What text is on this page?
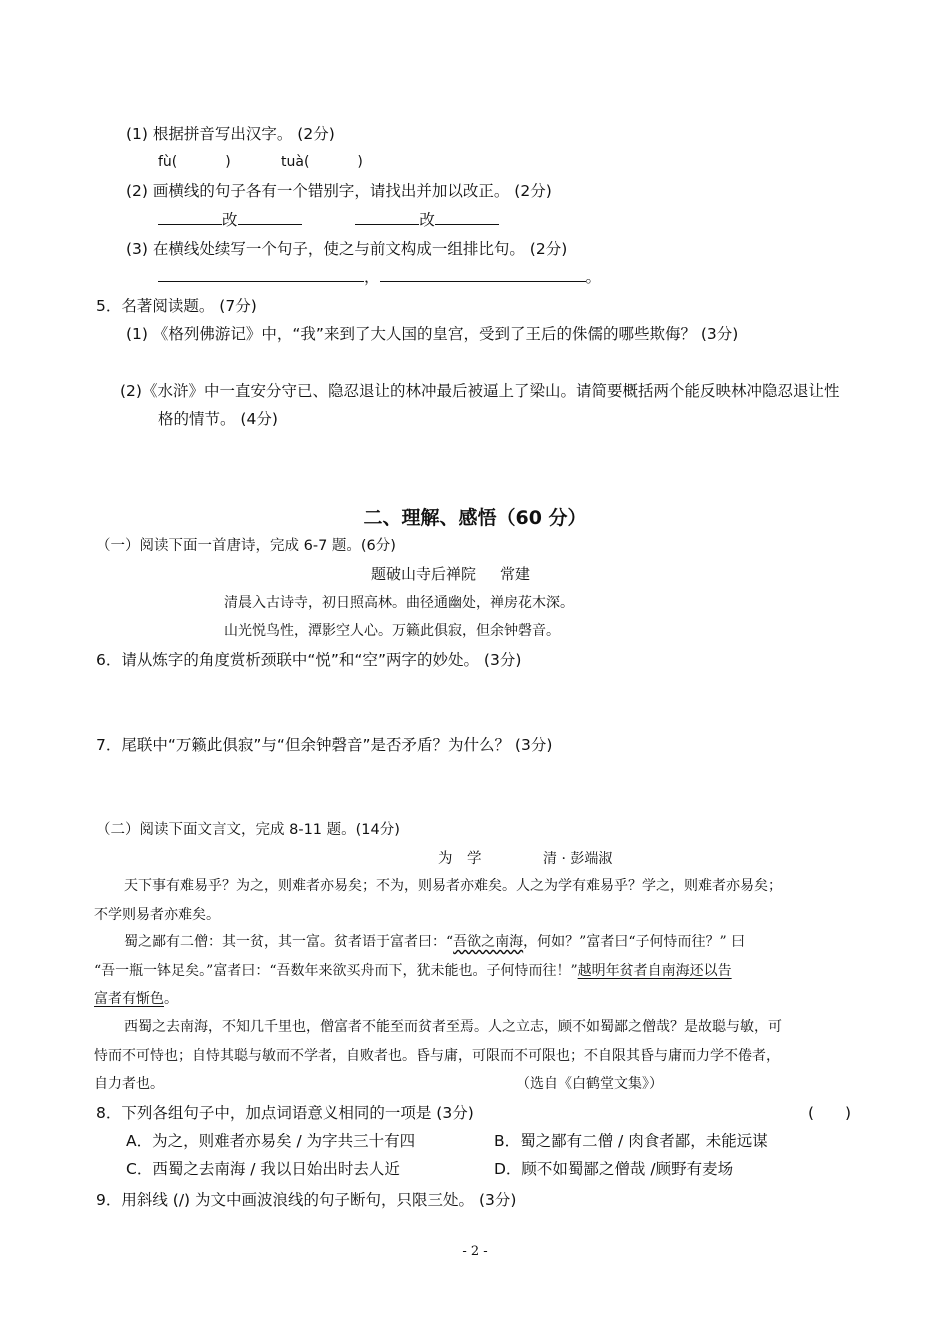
(1) 根据拼音写出汉字。 (2分)
fù(	)	tuà(	)
(2) 画横线的句子各有一个错别字，请找出并加以改正。 (2分)
改	改
(3) 在横线处续写一个句子，使之与前文构成一组排比句。 (2分)
，	。
5．名著阅读题。 (7分)
(1) 《格列佛游记》中，“我”来到了大人国的皇宫，受到了王后的侏儒的哪些欺侮？ (3分)
(2)《水浒》中一直安分守已、隐忍退让的林冲最后被逼上了梁山。请简要概括两个能反映林冲隐忍退让性
格的情节。 (4分)
二、理解、感悟（60 分）
（一）阅读下面一首唐诗，完成 6-7 题。(6分)
题破山寺后禅院 常建
清晨入古诗寺，初日照高林。曲径通幽处，禅房花木深。
山光悦鸟性，潭影空人心。万籁此俱寂，但余钟磬音。
6．请从炼字的角度赏析颈联中“悦”和“空”两字的妙处。 (3分)
7．尾联中“万籁此俱寂”与“但余钟磬音”是否矛盾？为什么？ (3分)
（二）阅读下面文言文，完成 8-11 题。(14分)
为　学	清 · 彭端淑
天下事有难易乎？为之，则难者亦易矣；不为，则易者亦难矣。人之为学有难易乎？学之，则难者亦易矣；
不学则易者亦难矣。
蜀之鄙有二僧：其一贫，其一富。贫者语于富者曰：“吾欲之南海，何如？”富者曰“子何恃而往？” 曰
“吾一瓶一钵足矣。”富者曰：“吾数年来欲买舟而下，犹未能也。子何恃而往！”越明年贫者自南海还以告
富者有惭色。
西蜀之去南海，不知几千里也，僧富者不能至而贫者至焉。人之立志，顾不如蜀鄙之僧哉？是故聪与敏，可
恃而不可恃也；自恃其聪与敏而不学者，自败者也。昏与庸，可限而不可限也；不自限其昏与庸而力学不倦者，
自力者也。	（选自《白鹤堂文集》）
8．下列各组句子中，加点词语意义相同的一项是 (3分)	(　　)
A．为之，则难者亦易矣 / 为字共三十有四	B．蜀之鄙有二僧 / 肉食者鄙，未能远谋
C．西蜀之去南海 / 我以日始出时去人近	D．顾不如蜀鄙之僧哉 /顾野有麦场
9．用斜线 (/) 为文中画波浪线的句子断句，只限三处。 (3分)
- 2 -
